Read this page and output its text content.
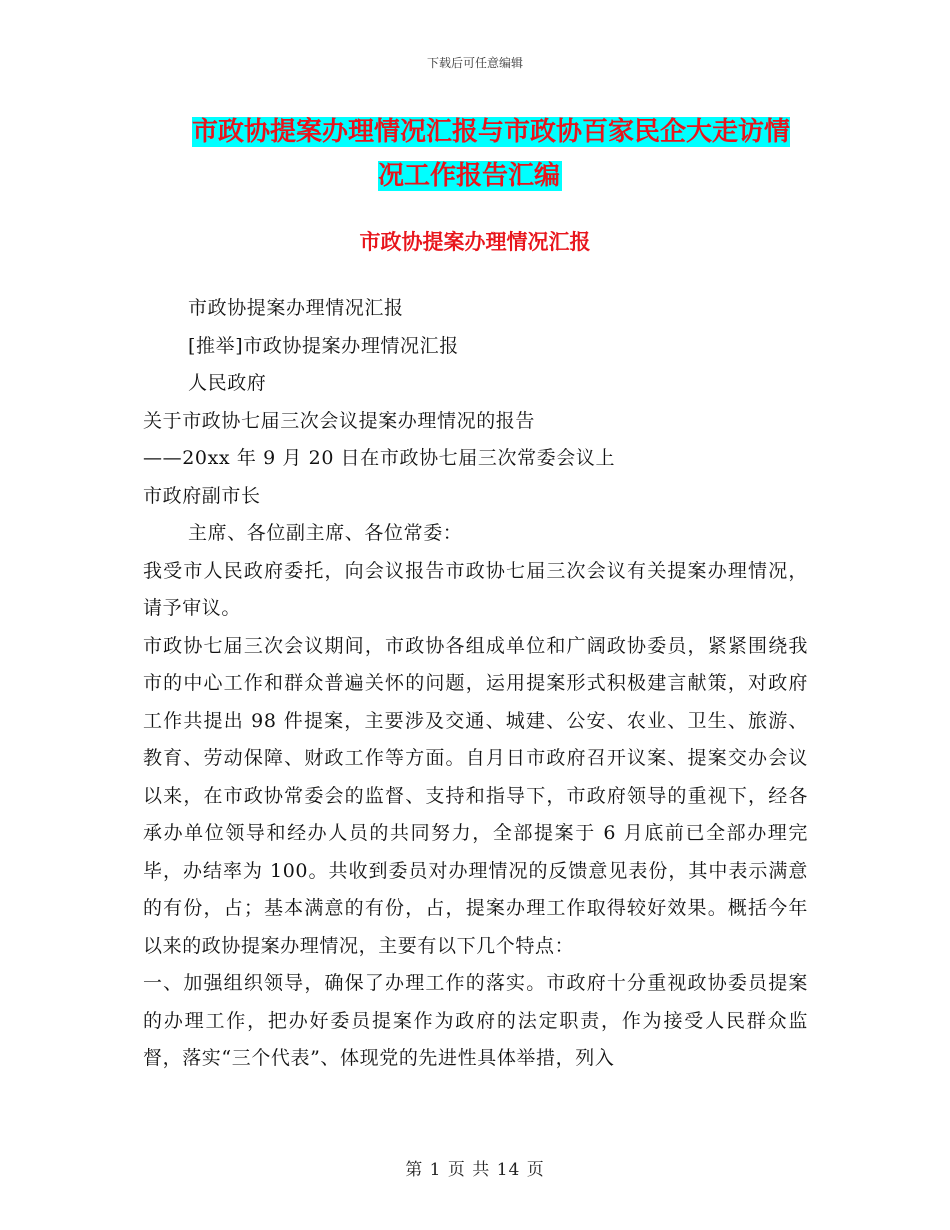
下载后可任意编辑
市政协提案办理情况汇报与市政协百家民企大走访情
况工作报告汇编
市政协提案办理情况汇报

市政协提案办理情况汇报

[推举]市政协提案办理情况汇报

人民政府

关于市政协七届三次会议提案办理情况的报告

——20xx 年 9 月 20 日在市政协七届三次常委会议上

市政府副市长

主席、各位副主席、各位常委：

我受市人民政府委托，向会议报告市政协七届三次会议有关提案办理情况，请予审议。

市政协七届三次会议期间，市政协各组成单位和广阔政协委员，紧紧围绕我市的中心工作和群众普遍关怀的问题，运用提案形式积极建言献策，对政府工作共提出 98 件提案，主要涉及交通、城建、公安、农业、卫生、旅游、教育、劳动保障、财政工作等方面。自月日市政府召开议案、提案交办会议以来，在市政协常委会的监督、支持和指导下，市政府领导的重视下，经各承办单位领导和经办人员的共同努力，全部提案于 6 月底前已全部办理完毕，办结率为 100。共收到委员对办理情况的反馈意见表份，其中表示满意的有份，占；基本满意的有份，占，提案办理工作取得较好效果。概括今年以来的政协提案办理情况，主要有以下几个特点：

一、加强组织领导，确保了办理工作的落实。市政府十分重视政协委员提案的办理工作，把办好委员提案作为政府的法定职责，作为接受人民群众监督，落实“三个代表”、体现党的先进性具体举措，列入

第 1 页 共 14 页
